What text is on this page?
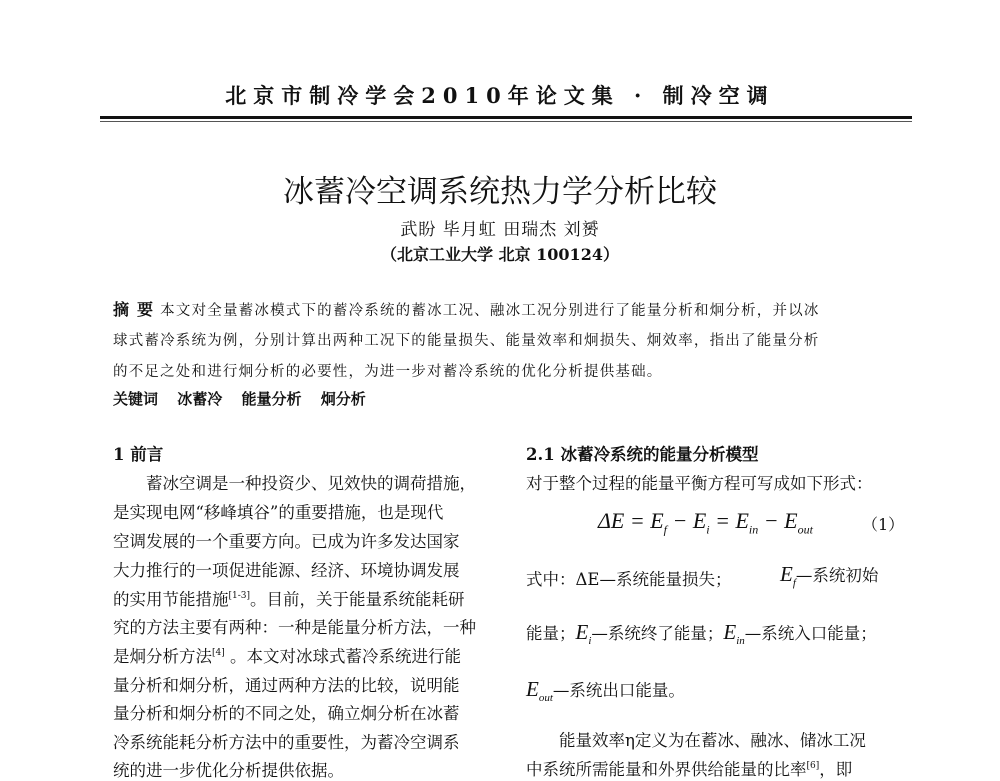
北京市制冷学会2010年论文集 · 制冷空调
冰蓄冷空调系统热力学分析比较
武盼 毕月虹 田瑞杰 刘赟
（北京工业大学 北京 100124）
摘 要 本文对全量蓄冰模式下的蓄冷系统的蓄冰工况、融冰工况分别进行了能量分析和炯分析，并以冰
球式蓄冷系统为例，分别计算出两种工况下的能量损失、能量效率和炯损失、炯效率，指出了能量分析
的不足之处和进行炯分析的必要性，为进一步对蓄冷系统的优化分析提供基础。
关键词 冰蓄冷 能量分析 炯分析
1 前言
　　蓄冰空调是一种投资少、见效快的调荷措施，
是实现电网“移峰填谷”的重要措施，也是现代
空调发展的一个重要方向。已成为许多发达国家
大力推行的一项促进能源、经济、环境协调发展
的实用节能措施[1-3]。目前，关于能量系统能耗研
究的方法主要有两种：一种是能量分析方法，一种
是炯分析方法[4] 。本文对冰球式蓄冷系统进行能
量分析和炯分析，通过两种方法的比较，说明能
量分析和炯分析的不同之处，确立炯分析在冰蓄
冷系统能耗分析方法中的重要性，为蓄冷空调系
统的进一步优化分析提供依据。
2.1 冰蓄冷系统的能量分析模型
对于整个过程的能量平衡方程可写成如下形式：
$\Delta E = E_f - E_i = E_{in} - E_{out}$	（1）
式中：ΔE—系统能量损失； $E_f—$系统初始
能量；$E_i—$系统终了能量；$E_{in}—$系统入口能量；
$E_{out}—$系统出口能量。
　　能量效率η定义为在蓄冰、融冰、储冰工况
中系统所需能量和外界供给能量的比率[6]，即
